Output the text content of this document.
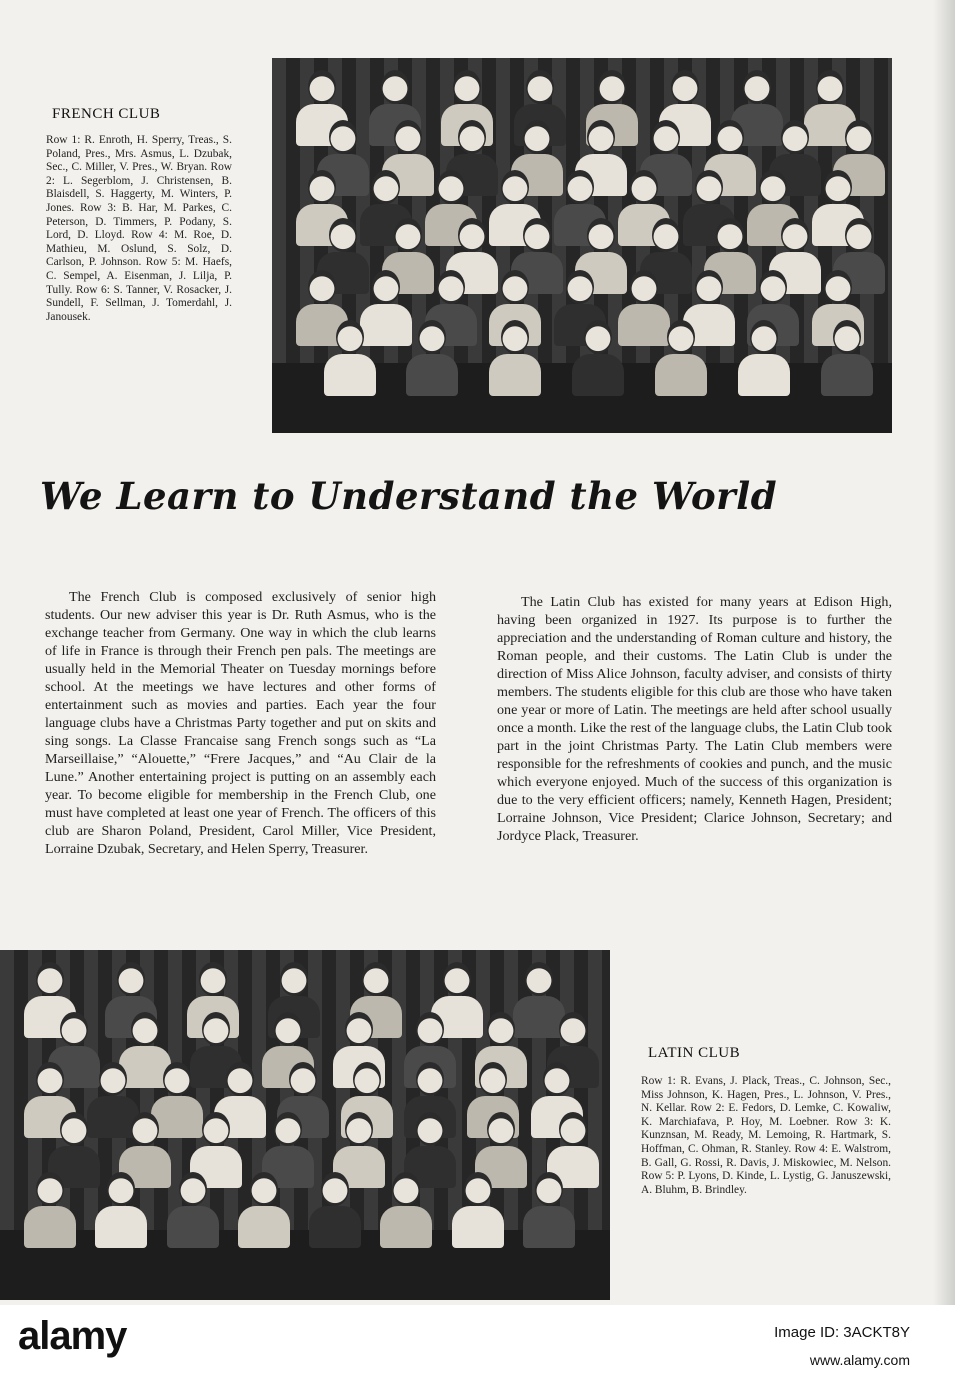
FRENCH CLUB
Row 1: R. Enroth, H. Sperry, Treas., S. Poland, Pres., Mrs. Asmus, L. Dzubak, Sec., C. Miller, V. Pres., W. Bryan. Row 2: L. Segerblom, J. Christensen, B. Blaisdell, S. Haggerty, M. Winters, P. Jones. Row 3: B. Har, M. Parkes, C. Peterson, D. Timmers, P. Podany, S. Lord, D. Lloyd. Row 4: M. Roe, D. Mathieu, M. Oslund, S. Solz, D. Carlson, P. Johnson. Row 5: M. Haefs, C. Sempel, A. Eisenman, J. Lilja, P. Tully. Row 6: S. Tanner, V. Rosacker, J. Sundell, F. Sellman, J. Tomerdahl, J. Janousek.
We Learn to Understand the World

The French Club is composed exclusively of senior high students. Our new adviser this year is Dr. Ruth Asmus, who is the exchange teacher from Germany. One way in which the club learns of life in France is through their French pen pals. The meetings are usually held in the Memorial Theater on Tuesday mornings before school. At the meetings we have lectures and other forms of entertainment such as movies and parties. Each year the four language clubs have a Christmas Party together and put on skits and sing songs. La Classe Francaise sang French songs such as “La Marseillaise,” “Alouette,” “Frere Jacques,” and “Au Clair de la Lune.” Another entertaining project is putting on an assembly each year. To become eligible for membership in the French Club, one must have completed at least one year of French. The officers of this club are Sharon Poland, President, Carol Miller, Vice President, Lorraine Dzubak, Secretary, and Helen Sperry, Treasurer.

The Latin Club has existed for many years at Edison High, having been organized in 1927. Its purpose is to further the appreciation and the understanding of Roman culture and history, the Roman people, and their customs. The Latin Club is under the direction of Miss Alice Johnson, faculty adviser, and consists of thirty members. The students eligible for this club are those who have taken one year or more of Latin. The meetings are held after school usually once a month. Like the rest of the language clubs, the Latin Club took part in the joint Christmas Party. The Latin Club members were responsible for the refreshments of cookies and punch, and the music which everyone enjoyed. Much of the success of this organization is due to the very efficient officers; namely, Kenneth Hagen, President; Lorraine Johnson, Vice President; Clarice Johnson, Secretary; and Jordyce Plack, Treasurer.

LATIN CLUB
Row 1: R. Evans, J. Plack, Treas., C. Johnson, Sec., Miss Johnson, K. Hagen, Pres., L. Johnson, V. Pres., N. Kellar. Row 2: E. Fedors, D. Lemke, C. Kowaliw, K. Marchiafava, P. Hoy, M. Loebner. Row 3: K. Kunznsan, M. Ready, M. Lemoing, R. Hartmark, S. Hoffman, C. Ohman, R. Stanley. Row 4: E. Walstrom, B. Gall, G. Rossi, R. Davis, J. Miskowiec, M. Nelson. Row 5: P. Lyons, D. Kinde, L. Lystig, G. Januszewski, A. Bluhm, B. Brindley.
alamy	Image ID: 3ACKT8Y
www.alamy.com
